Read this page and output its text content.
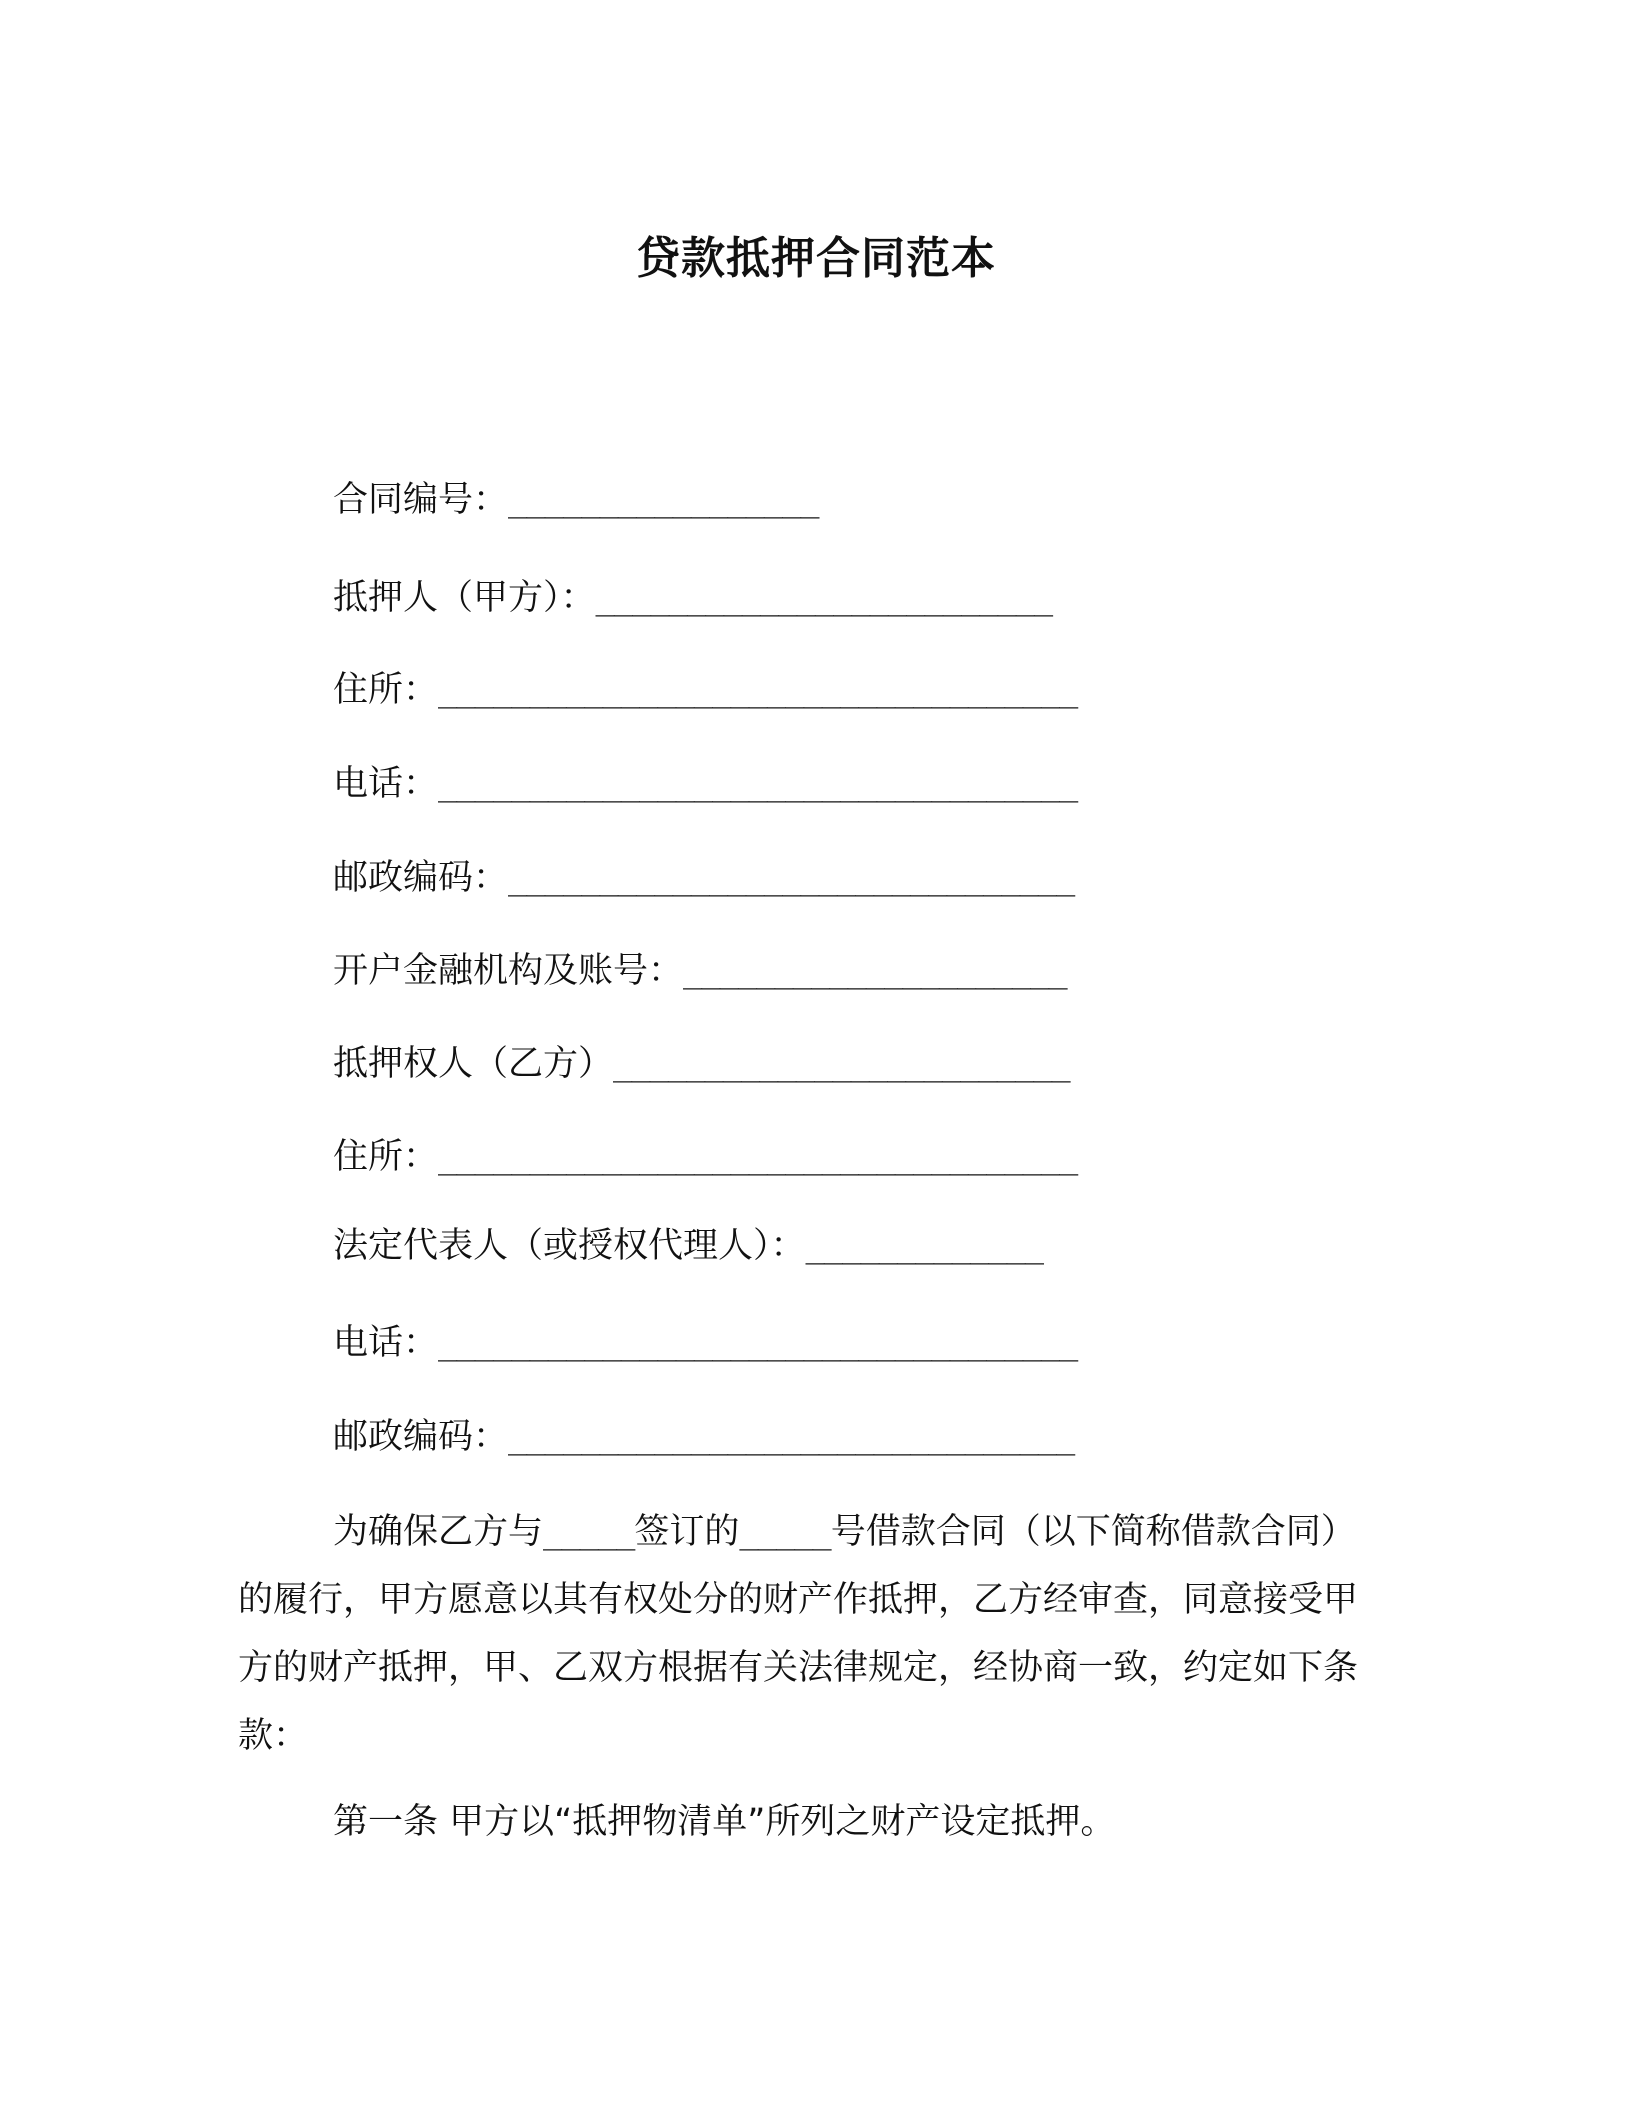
贷款抵押合同范本
合同编号：_________________
抵押人（甲方）：_________________________
住所：___________________________________
电话：___________________________________
邮政编码：_______________________________
开户金融机构及账号：_____________________
抵押权人（乙方）_________________________
住所：___________________________________
法定代表人（或授权代理人）：_____________
电话：___________________________________
邮政编码：_______________________________
为确保乙方与_____签订的_____号借款合同（以下简称借款合同）的履行，甲方愿意以其有权处分的财产作抵押，乙方经审查，同意接受甲方的财产抵押，甲、乙双方根据有关法律规定，经协商一致，约定如下条款：
第一条 甲方以“抵押物清单”所列之财产设定抵押。
